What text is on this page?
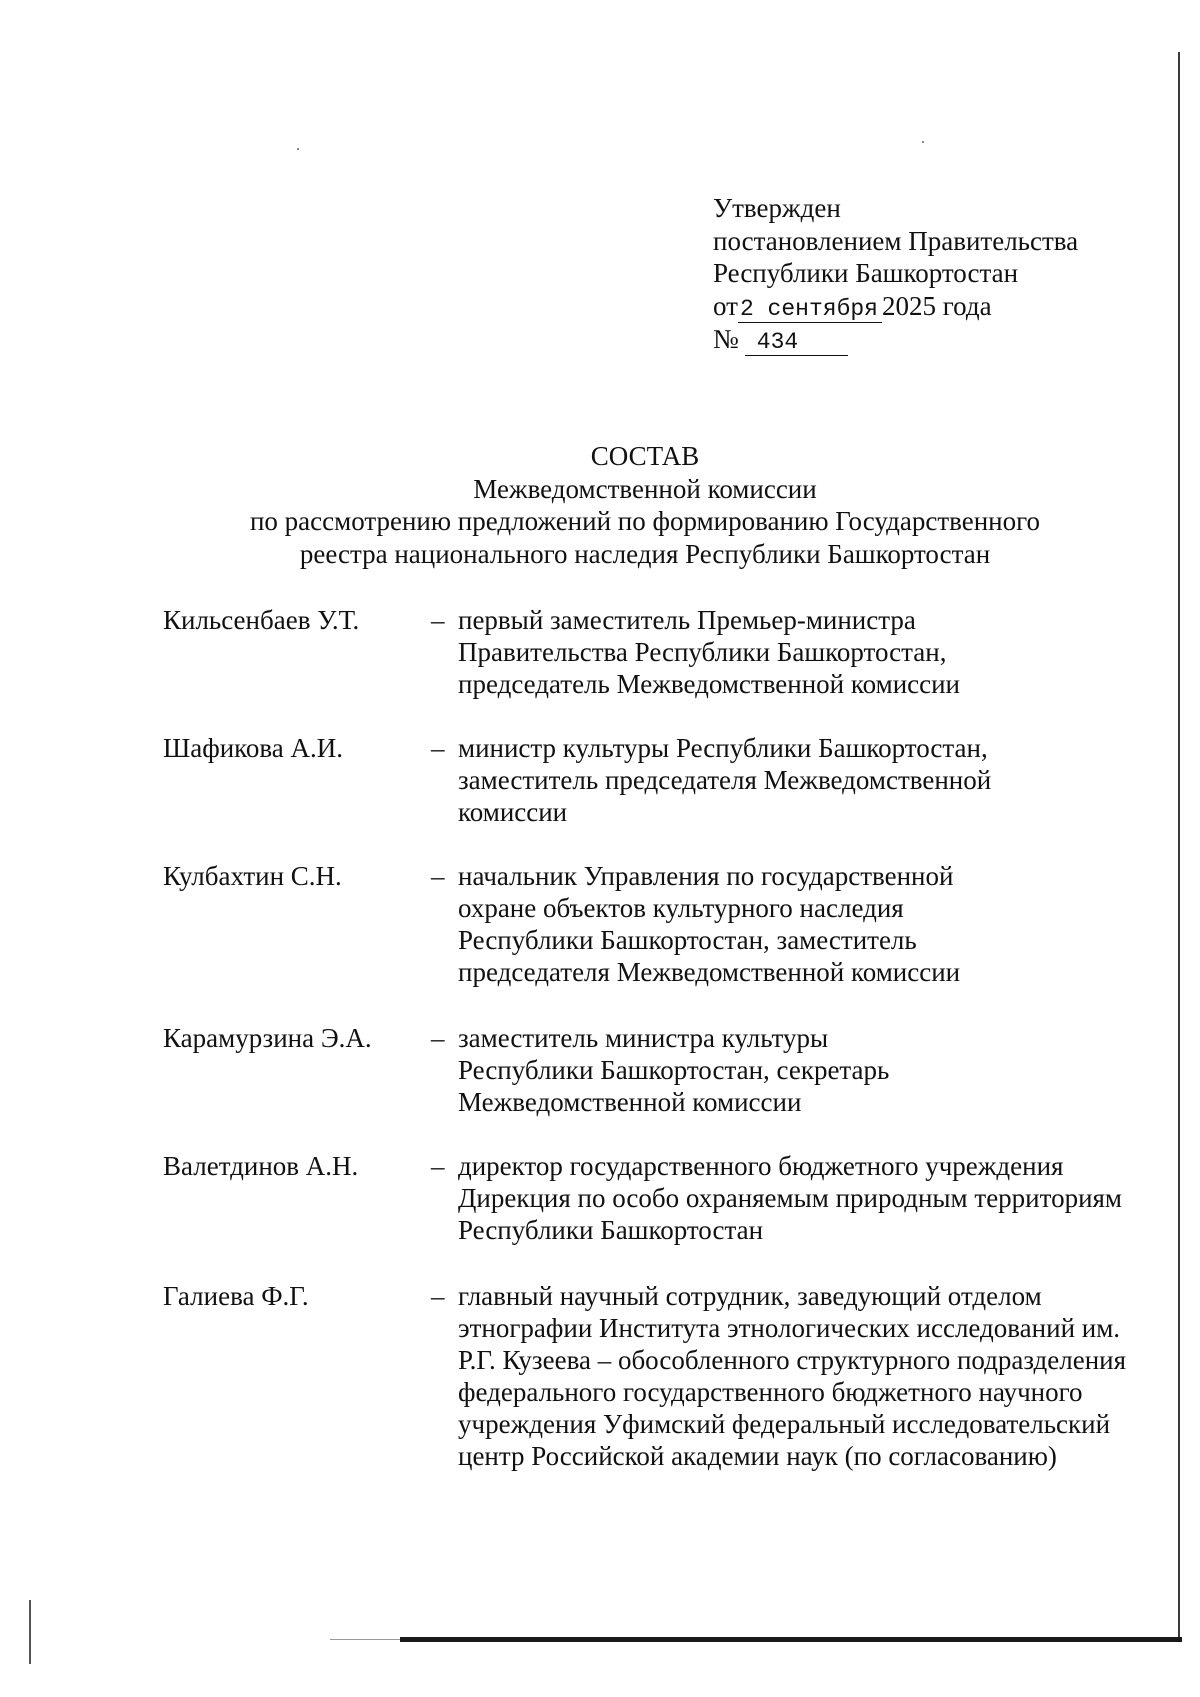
Утвержден
постановлением Правительства
Республики Башкортостан
от2 сентября2025 года
№ 434
СОСТАВ
Межведомственной комиссии
по рассмотрению предложений по формированию Государственного
реестра национального наследия Республики Башкортостан
Кильсенбаев У.Т.	– первый заместитель Премьер-министра Правительства Республики Башкортостан, председатель Межведомственной комиссии
Шафикова А.И.	– министр культуры Республики Башкортостан, заместитель председателя Межведомственной комиссии
Кулбахтин С.Н.	– начальник Управления по государственной охране объектов культурного наследия Республики Башкортостан, заместитель председателя Межведомственной комиссии
Карамурзина Э.А. – заместитель министра культуры Республики Башкортостан, секретарь Межведомственной комиссии
Валетдинов А.Н.	– директор государственного бюджетного учреждения Дирекция по особо охраняемым природным территориям Республики Башкортостан
Галиева Ф.Г.	– главный научный сотрудник, заведующий отделом этнографии Института этнологических исследований им. Р.Г. Кузеева – обособленного структурного подразделения федерального государственного бюджетного научного учреждения Уфимский федеральный исследовательский центр Российской академии наук (по согласованию)
